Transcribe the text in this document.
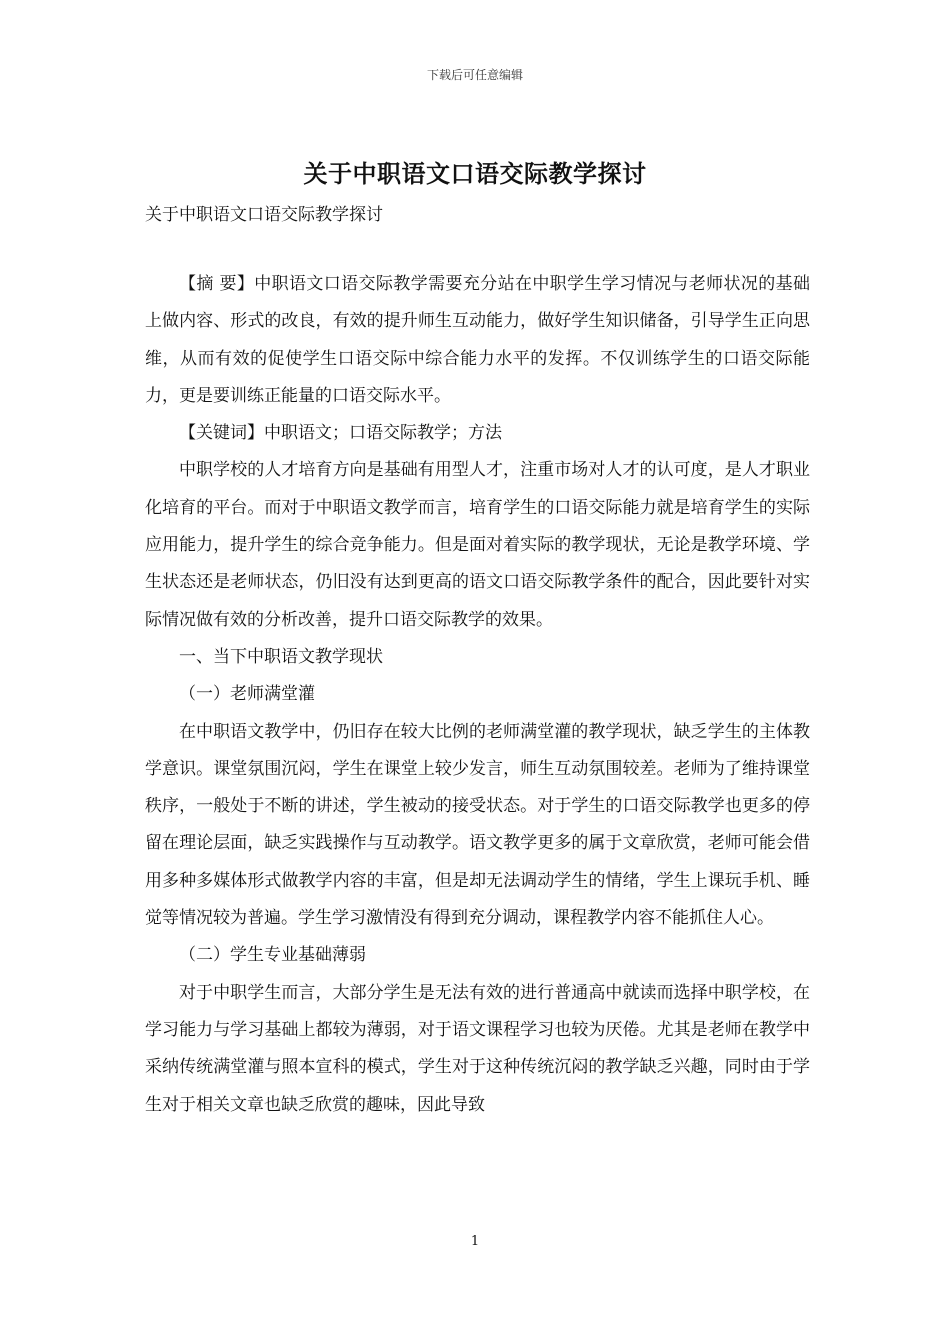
下载后可任意编辑
关于中职语文口语交际教学探讨
关于中职语文口语交际教学探讨

【摘 要】中职语文口语交际教学需要充分站在中职学生学习情况与老师状况的基础上做内容、形式的改良，有效的提升师生互动能力，做好学生知识储备，引导学生正向思维，从而有效的促使学生口语交际中综合能力水平的发挥。不仅训练学生的口语交际能力，更是要训练正能量的口语交际水平。

【关键词】中职语文；口语交际教学；方法

中职学校的人才培育方向是基础有用型人才，注重市场对人才的认可度，是人才职业化培育的平台。而对于中职语文教学而言，培育学生的口语交际能力就是培育学生的实际应用能力，提升学生的综合竞争能力。但是面对着实际的教学现状，无论是教学环境、学生状态还是老师状态，仍旧没有达到更高的语文口语交际教学条件的配合，因此要针对实际情况做有效的分析改善，提升口语交际教学的效果。

一、当下中职语文教学现状

（一）老师满堂灌

在中职语文教学中，仍旧存在较大比例的老师满堂灌的教学现状，缺乏学生的主体教学意识。课堂氛围沉闷，学生在课堂上较少发言，师生互动氛围较差。老师为了维持课堂秩序，一般处于不断的讲述，学生被动的接受状态。对于学生的口语交际教学也更多的停留在理论层面，缺乏实践操作与互动教学。语文教学更多的属于文章欣赏，老师可能会借用多种多媒体形式做教学内容的丰富，但是却无法调动学生的情绪，学生上课玩手机、睡觉等情况较为普遍。学生学习激情没有得到充分调动，课程教学内容不能抓住人心。

（二）学生专业基础薄弱

对于中职学生而言，大部分学生是无法有效的进行普通高中就读而选择中职学校，在学习能力与学习基础上都较为薄弱，对于语文课程学习也较为厌倦。尤其是老师在教学中采纳传统满堂灌与照本宣科的模式，学生对于这种传统沉闷的教学缺乏兴趣，同时由于学生对于相关文章也缺乏欣赏的趣味，因此导致

1
